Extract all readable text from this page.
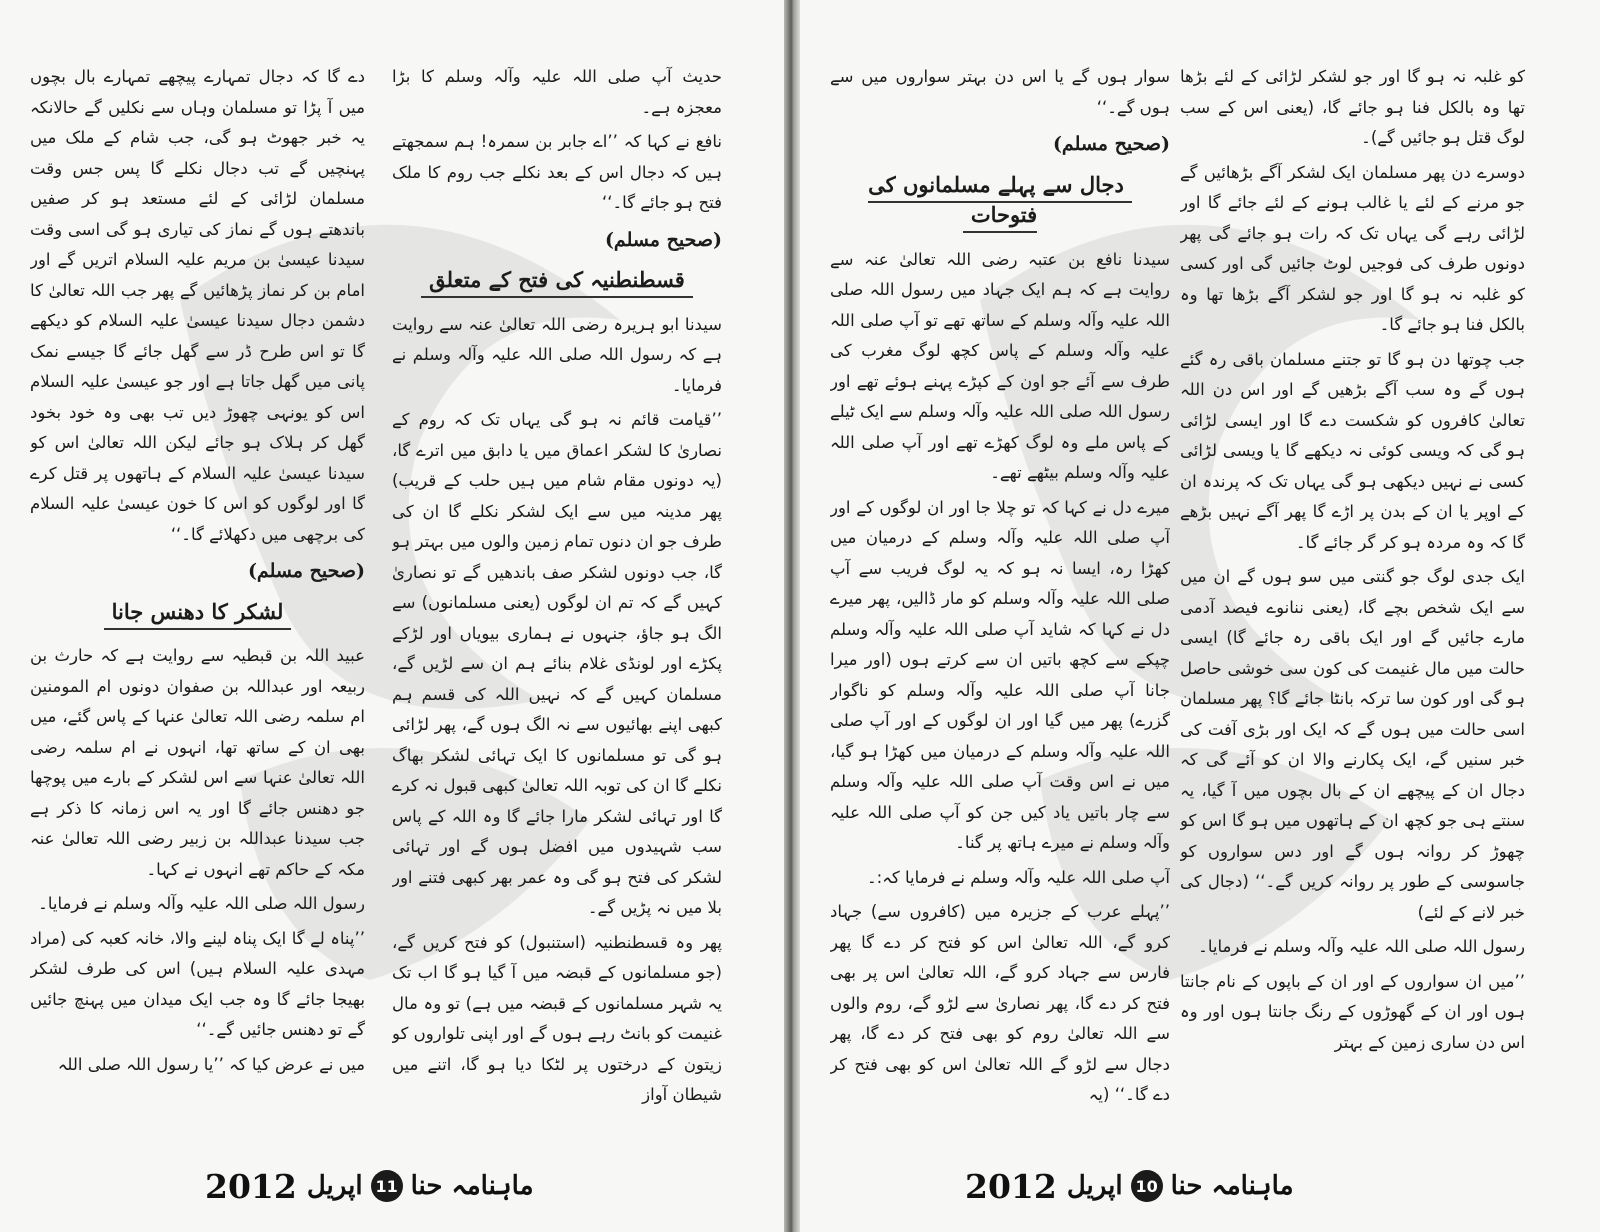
حدیث آپ صلی اللہ علیہ وآلہ وسلم کا بڑا معجزہ ہے۔

نافع نے کہا کہ ’’اے جابر بن سمرہ! ہم سمجھتے ہیں کہ دجال اس کے بعد نکلے جب روم کا ملک فتح ہو جائے گا۔‘‘

(صحیح مسلم)

قسطنطنیہ کی فتح کے متعلق

سیدنا ابو ہریرہ رضی اللہ تعالیٰ عنہ سے روایت ہے کہ رسول اللہ صلی اللہ علیہ وآلہ وسلم نے فرمایا۔

’’قیامت قائم نہ ہو گی یہاں تک کہ روم کے نصاریٰ کا لشکر اعماق میں یا دابق میں اترے گا، (یہ دونوں مقام شام میں ہیں حلب کے قریب) پھر مدینہ میں سے ایک لشکر نکلے گا ان کی طرف جو ان دنوں تمام زمین والوں میں بہتر ہو گا، جب دونوں لشکر صف باندھیں گے تو نصاریٰ کہیں گے کہ تم ان لوگوں (یعنی مسلمانوں) سے الگ ہو جاؤ، جنہوں نے ہماری بیویاں اور لڑکے پکڑے اور لونڈی غلام بنائے ہم ان سے لڑیں گے، مسلمان کہیں گے کہ نہیں اللہ کی قسم ہم کبھی اپنے بھائیوں سے نہ الگ ہوں گے، پھر لڑائی ہو گی تو مسلمانوں کا ایک تہائی لشکر بھاگ نکلے گا ان کی توبہ اللہ تعالیٰ کبھی قبول نہ کرے گا اور تہائی لشکر مارا جائے گا وہ اللہ کے پاس سب شہیدوں میں افضل ہوں گے اور تہائی لشکر کی فتح ہو گی وہ عمر بھر کبھی فتنے اور بلا میں نہ پڑیں گے۔

پھر وہ قسطنطنیہ (استنبول) کو فتح کریں گے، (جو مسلمانوں کے قبضہ میں آ گیا ہو گا اب تک یہ شہر مسلمانوں کے قبضہ میں ہے) تو وہ مال غنیمت کو بانٹ رہے ہوں گے اور اپنی تلواروں کو زیتون کے درختوں پر لٹکا دیا ہو گا، اتنے میں شیطان آواز

دے گا کہ دجال تمہارے پیچھے تمہارے بال بچوں میں آ پڑا تو مسلمان وہاں سے نکلیں گے حالانکہ یہ خبر جھوٹ ہو گی، جب شام کے ملک میں پہنچیں گے تب دجال نکلے گا پس جس وقت مسلمان لڑائی کے لئے مستعد ہو کر صفیں باندھتے ہوں گے نماز کی تیاری ہو گی اسی وقت سیدنا عیسیٰ بن مریم علیہ السلام اتریں گے اور امام بن کر نماز پڑھائیں گے پھر جب اللہ تعالیٰ کا دشمن دجال سیدنا عیسیٰ علیہ السلام کو دیکھے گا تو اس طرح ڈر سے گھل جائے گا جیسے نمک پانی میں گھل جاتا ہے اور جو عیسیٰ علیہ السلام اس کو یونہی چھوڑ دیں تب بھی وہ خود بخود گھل کر ہلاک ہو جائے لیکن اللہ تعالیٰ اس کو سیدنا عیسیٰ علیہ السلام کے ہاتھوں پر قتل کرے گا اور لوگوں کو اس کا خون عیسیٰ علیہ السلام کی برچھی میں دکھلائے گا۔‘‘

(صحیح مسلم)

لشکر کا دھنس جانا

عبید اللہ بن قبطیہ سے روایت ہے کہ حارث بن ربیعہ اور عبداللہ بن صفوان دونوں ام المومنین ام سلمہ رضی اللہ تعالیٰ عنہا کے پاس گئے، میں بھی ان کے ساتھ تھا، انہوں نے ام سلمہ رضی اللہ تعالیٰ عنہا سے اس لشکر کے بارے میں پوچھا جو دھنس جائے گا اور یہ اس زمانہ کا ذکر ہے جب سیدنا عبداللہ بن زبیر رضی اللہ تعالیٰ عنہ مکہ کے حاکم تھے انہوں نے کہا۔

رسول اللہ صلی اللہ علیہ وآلہ وسلم نے فرمایا۔

’’پناہ لے گا ایک پناہ لینے والا، خانہ کعبہ کی (مراد مہدی علیہ السلام ہیں) اس کی طرف لشکر بھیجا جائے گا وہ جب ایک میدان میں پہنچ جائیں گے تو دھنس جائیں گے۔‘‘

میں نے عرض کیا کہ ’’یا رسول اللہ صلی اللہ

2012 اپریل 11 ماہنامہ حنا

کو غلبہ نہ ہو گا اور جو لشکر لڑائی کے لئے بڑھا تھا وہ بالکل فنا ہو جائے گا، (یعنی اس کے سب لوگ قتل ہو جائیں گے)۔

دوسرے دن پھر مسلمان ایک لشکر آگے بڑھائیں گے جو مرنے کے لئے یا غالب ہونے کے لئے جائے گا اور لڑائی رہے گی یہاں تک کہ رات ہو جائے گی پھر دونوں طرف کی فوجیں لوٹ جائیں گی اور کسی کو غلبہ نہ ہو گا اور جو لشکر آگے بڑھا تھا وہ بالکل فنا ہو جائے گا۔

جب چوتھا دن ہو گا تو جتنے مسلمان باقی رہ گئے ہوں گے وہ سب آگے بڑھیں گے اور اس دن اللہ تعالیٰ کافروں کو شکست دے گا اور ایسی لڑائی ہو گی کہ ویسی کوئی نہ دیکھے گا یا ویسی لڑائی کسی نے نہیں دیکھی ہو گی یہاں تک کہ پرندہ ان کے اوپر یا ان کے بدن پر اڑے گا پھر آگے نہیں بڑھے گا کہ وہ مردہ ہو کر گر جائے گا۔

ایک جدی لوگ جو گنتی میں سو ہوں گے ان میں سے ایک شخص بچے گا، (یعنی ننانوے فیصد آدمی مارے جائیں گے اور ایک باقی رہ جائے گا) ایسی حالت میں مال غنیمت کی کون سی خوشی حاصل ہو گی اور کون سا ترکہ بانٹا جائے گا؟ پھر مسلمان اسی حالت میں ہوں گے کہ ایک اور بڑی آفت کی خبر سنیں گے، ایک پکارنے والا ان کو آئے گی کہ دجال ان کے پیچھے ان کے بال بچوں میں آ گیا، یہ سنتے ہی جو کچھ ان کے ہاتھوں میں ہو گا اس کو چھوڑ کر روانہ ہوں گے اور دس سواروں کو جاسوسی کے طور پر روانہ کریں گے۔‘‘ (دجال کی خبر لانے کے لئے)

رسول اللہ صلی اللہ علیہ وآلہ وسلم نے فرمایا۔

’’میں ان سواروں کے اور ان کے باپوں کے نام جانتا ہوں اور ان کے گھوڑوں کے رنگ جانتا ہوں اور وہ اس دن ساری زمین کے بہتر

سوار ہوں گے یا اس دن بہتر سواروں میں سے ہوں گے۔‘‘

(صحیح مسلم)

دجال سے پہلے مسلمانوں کی فتوحات

سیدنا نافع بن عتبہ رضی اللہ تعالیٰ عنہ سے روایت ہے کہ ہم ایک جہاد میں رسول اللہ صلی اللہ علیہ وآلہ وسلم کے ساتھ تھے تو آپ صلی اللہ علیہ وآلہ وسلم کے پاس کچھ لوگ مغرب کی طرف سے آئے جو اون کے کپڑے پہنے ہوئے تھے اور رسول اللہ صلی اللہ علیہ وآلہ وسلم سے ایک ٹیلے کے پاس ملے وہ لوگ کھڑے تھے اور آپ صلی اللہ علیہ وآلہ وسلم بیٹھے تھے۔

میرے دل نے کہا کہ تو چلا جا اور ان لوگوں کے اور آپ صلی اللہ علیہ وآلہ وسلم کے درمیان میں کھڑا رہ، ایسا نہ ہو کہ یہ لوگ فریب سے آپ صلی اللہ علیہ وآلہ وسلم کو مار ڈالیں، پھر میرے دل نے کہا کہ شاید آپ صلی اللہ علیہ وآلہ وسلم چپکے سے کچھ باتیں ان سے کرتے ہوں (اور میرا جانا آپ صلی اللہ علیہ وآلہ وسلم کو ناگوار گزرے) پھر میں گیا اور ان لوگوں کے اور آپ صلی اللہ علیہ وآلہ وسلم کے درمیان میں کھڑا ہو گیا، میں نے اس وقت آپ صلی اللہ علیہ وآلہ وسلم سے چار باتیں یاد کیں جن کو آپ صلی اللہ علیہ وآلہ وسلم نے میرے ہاتھ پر گنا۔

آپ صلی اللہ علیہ وآلہ وسلم نے فرمایا کہ:۔

’’پہلے عرب کے جزیرہ میں (کافروں سے) جہاد کرو گے، اللہ تعالیٰ اس کو فتح کر دے گا پھر فارس سے جہاد کرو گے، اللہ تعالیٰ اس پر بھی فتح کر دے گا، پھر نصاریٰ سے لڑو گے، روم والوں سے اللہ تعالیٰ روم کو بھی فتح کر دے گا، پھر دجال سے لڑو گے اللہ تعالیٰ اس کو بھی فتح کر دے گا۔‘‘ (یہ

2012 اپریل 10 ماہنامہ حنا
